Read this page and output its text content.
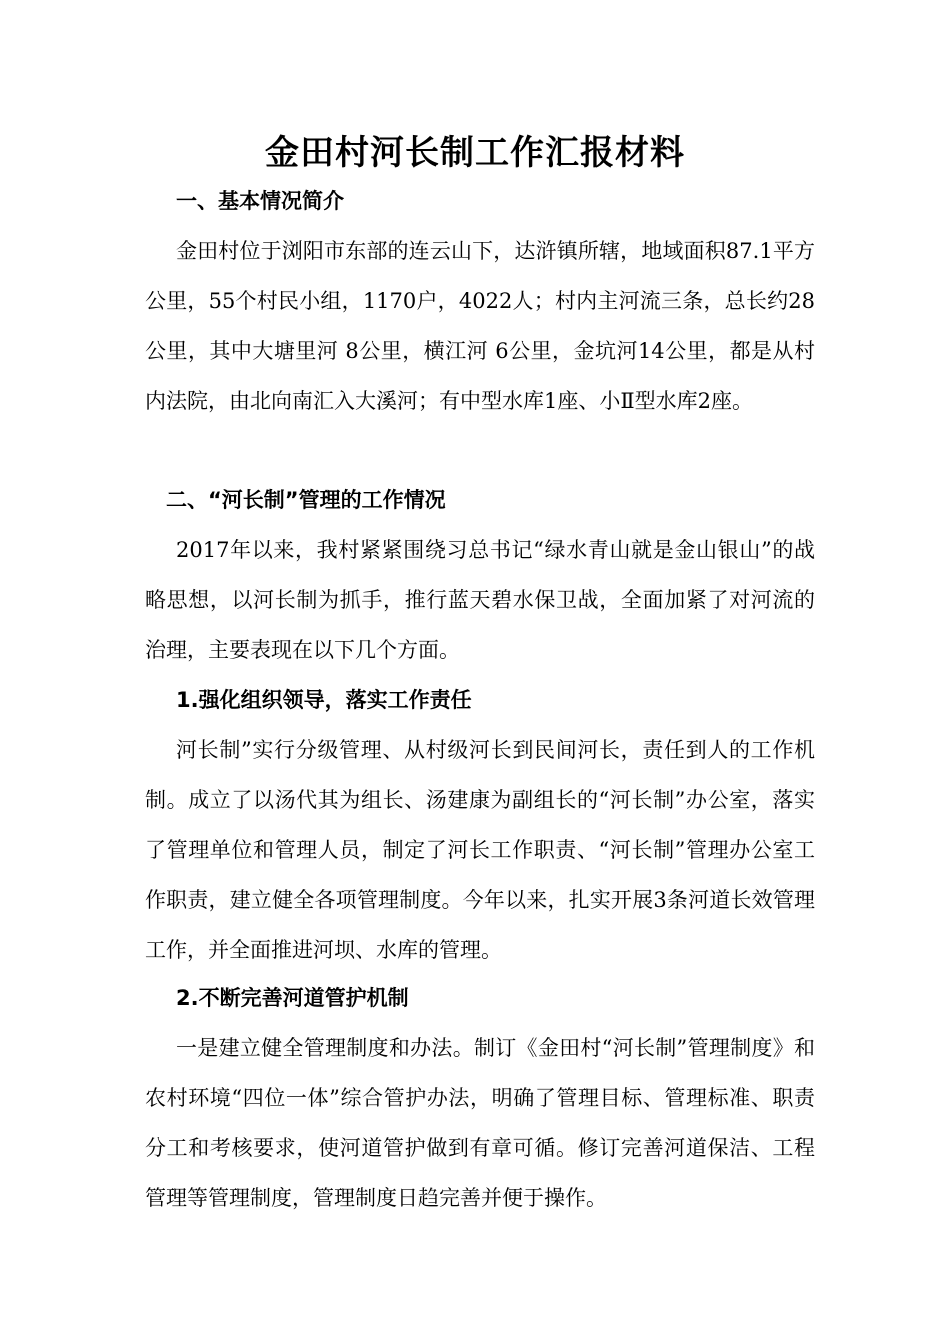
金田村河长制工作汇报材料
一、基本情况简介

金田村位于浏阳市东部的连云山下，达浒镇所辖，地域面积87.1平方公里，55个村民小组，1170户，4022人；村内主河流三条，总长约28公里，其中大塘里河 8公里，横江河 6公里，金坑河14公里，都是从村内法院，由北向南汇入大溪河；有中型水库1座、小Ⅱ型水库2座。

二、“河长制”管理的工作情况

2017年以来，我村紧紧围绕习总书记“绿水青山就是金山银山”的战略思想，以河长制为抓手，推行蓝天碧水保卫战，全面加紧了对河流的治理，主要表现在以下几个方面。

1.强化组织领导，落实工作责任

河长制”实行分级管理、从村级河长到民间河长，责任到人的工作机制。成立了以汤代其为组长、汤建康为副组长的“河长制”办公室，落实了管理单位和管理人员，制定了河长工作职责、“河长制”管理办公室工作职责，建立健全各项管理制度。今年以来，扎实开展3条河道长效管理工作，并全面推进河坝、水库的管理。

2.不断完善河道管护机制

一是建立健全管理制度和办法。制订《金田村“河长制”管理制度》和农村环境“四位一体”综合管护办法，明确了管理目标、管理标准、职责分工和考核要求，使河道管护做到有章可循。修订完善河道保洁、工程管理等管理制度，管理制度日趋完善并便于操作。
